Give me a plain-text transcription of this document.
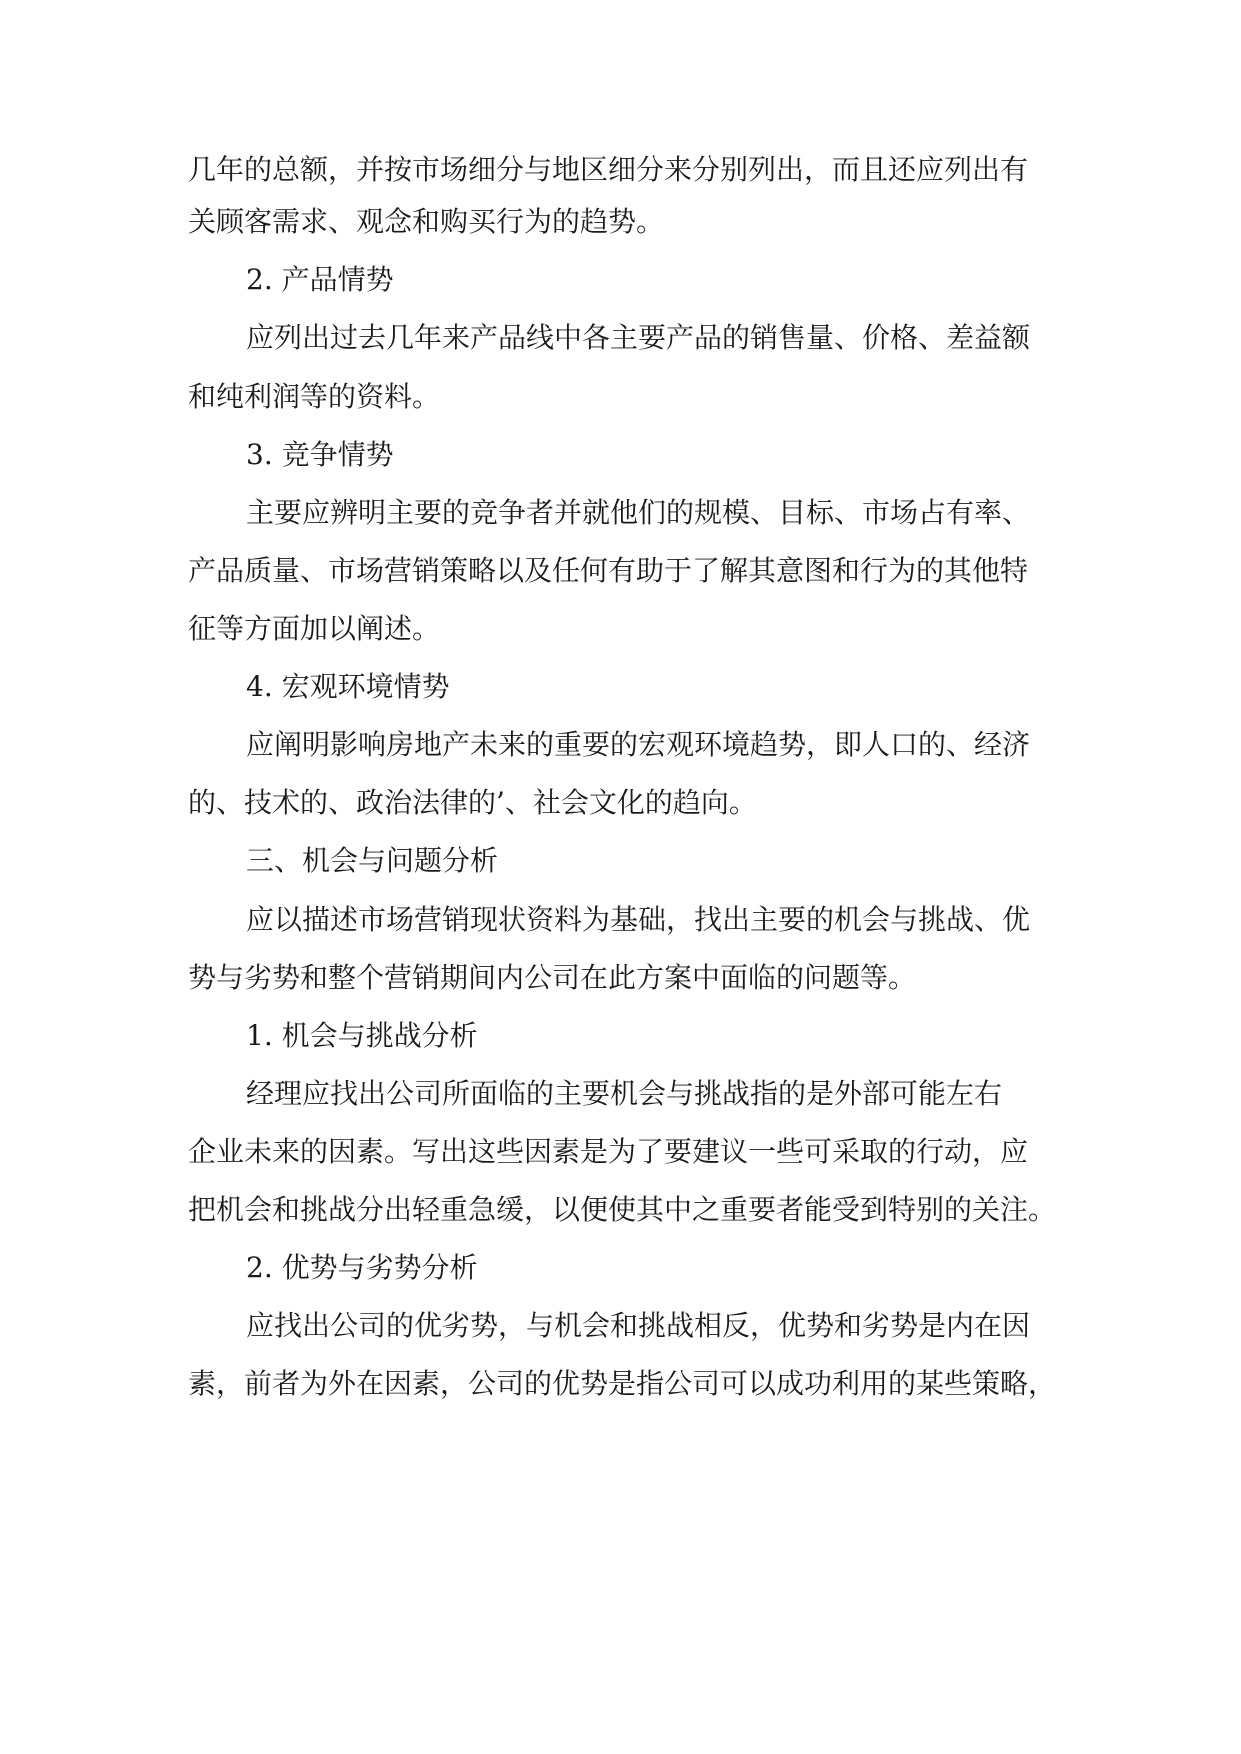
几年的总额，并按市场细分与地区细分来分别列出，而且还应列出有
关顾客需求、观念和购买行为的趋势。
2. 产品情势
应列出过去几年来产品线中各主要产品的销售量、价格、差益额
和纯利润等的资料。
3. 竞争情势
主要应辨明主要的竞争者并就他们的规模、目标、市场占有率、
产品质量、市场营销策略以及任何有助于了解其意图和行为的其他特
征等方面加以阐述。
4. 宏观环境情势
应阐明影响房地产未来的重要的宏观环境趋势，即人口的、经济
的、技术的、政治法律的’、社会文化的趋向。
三、机会与问题分析
应以描述市场营销现状资料为基础，找出主要的机会与挑战、优
势与劣势和整个营销期间内公司在此方案中面临的问题等。
1. 机会与挑战分析
经理应找出公司所面临的主要机会与挑战指的是外部可能左右
企业未来的因素。写出这些因素是为了要建议一些可采取的行动，应
把机会和挑战分出轻重急缓，以便使其中之重要者能受到特别的关注。
2. 优势与劣势分析
应找出公司的优劣势，与机会和挑战相反，优势和劣势是内在因
素，前者为外在因素，公司的优势是指公司可以成功利用的某些策略，
